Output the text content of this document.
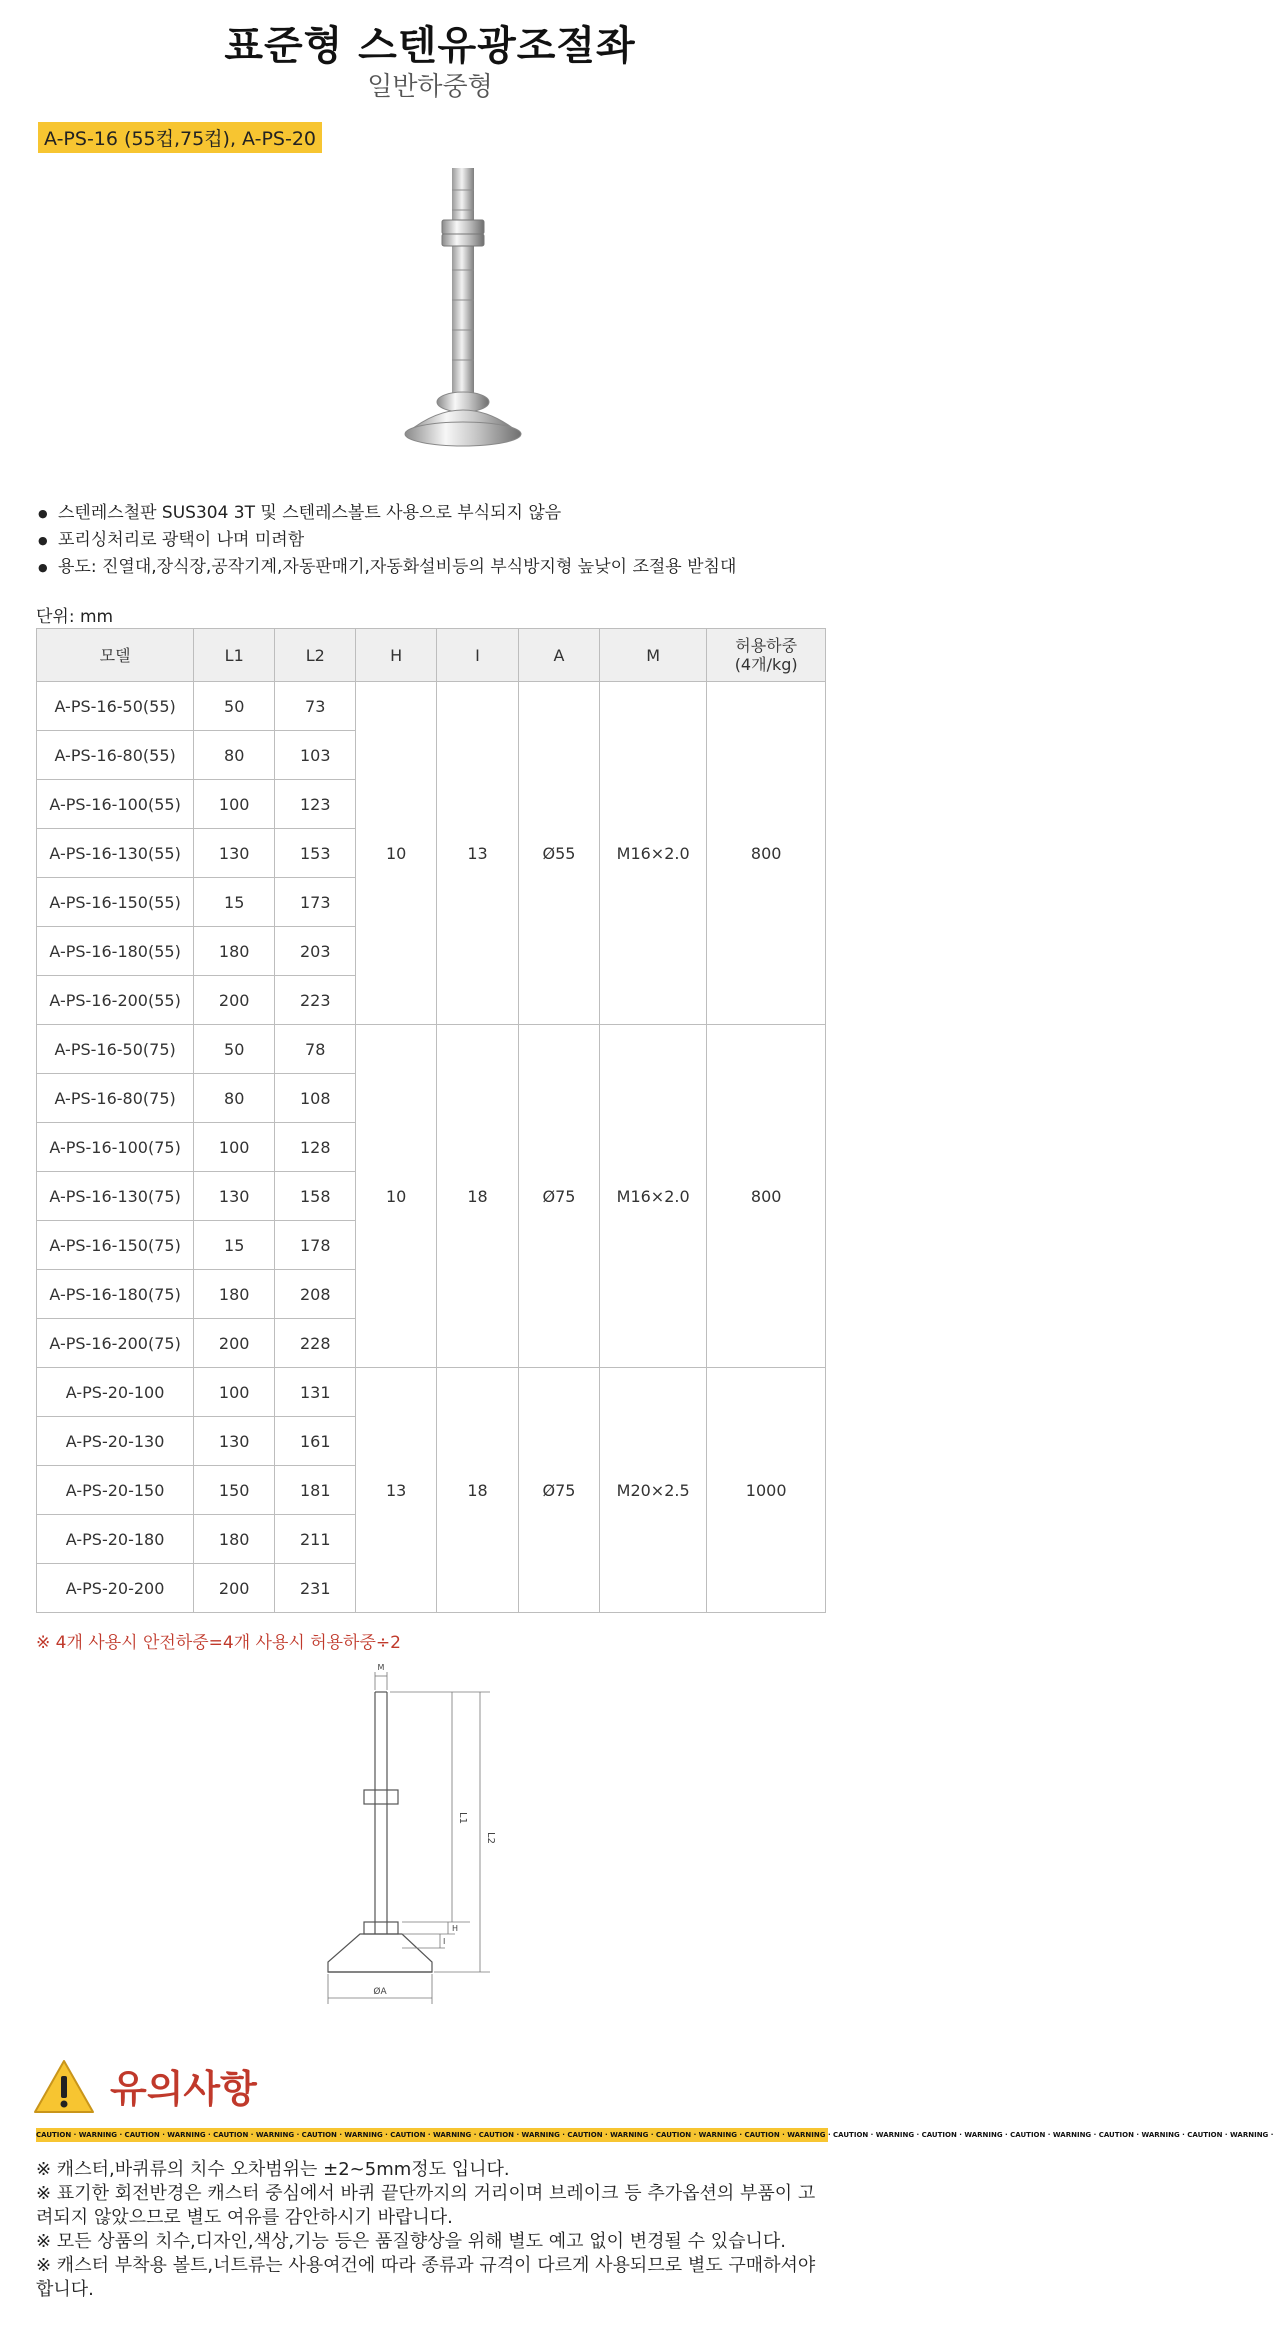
표준형 스텐유광조절좌
일반하중형
A-PS-16 (55컵,75컵), A-PS-20
● 스텐레스철판 SUS304 3T 및 스텐레스볼트 사용으로 부식되지 않음
● 포리싱처리로 광택이 나며 미려함
● 용도: 진열대,장식장,공작기계,자동판매기,자동화설비등의 부식방지형 높낮이 조절용 받침대
단위: mm
모델	L1	L2	H	I	A	M	허용하중
(4개/kg)
A-PS-16-50(55)	50	73	10	13	Ø55	M16×2.0	800
A-PS-16-80(55)	80	103					
A-PS-16-100(55)	100	123					
A-PS-16-130(55)	130	153					
A-PS-16-150(55)	15	173					
A-PS-16-180(55)	180	203					
A-PS-16-200(55)	200	223					
A-PS-16-50(75)	50	78	10	18	Ø75	M16×2.0	800
A-PS-16-80(75)	80	108					
A-PS-16-100(75)	100	128					
A-PS-16-130(75)	130	158					
A-PS-16-150(75)	15	178					
A-PS-16-180(75)	180	208					
A-PS-16-200(75)	200	228					
A-PS-20-100	100	131	13	18	Ø75	M20×2.5	1000
A-PS-20-130	130	161					
A-PS-20-150	150	181					
A-PS-20-180	180	211					
A-PS-20-200	200	231					
※ 4개 사용시 안전하중=4개 사용시 허용하중÷2
M
L1
L2
H
I
ØA
유의사항
CAUTION · WARNING · CAUTION · WARNING · CAUTION · WARNING · CAUTION · WARNING · CAUTION · WARNING · CAUTION · WARNING · CAUTION · WARNING · CAUTION · WARNING · CAUTION · WARNING · CAUTION · WARNING · CAUTION · WARNING · CAUTION · WARNING · CAUTION · WARNING · CAUTION · WARNING ·
※ 캐스터,바퀴류의 치수 오차범위는 ±2~5mm정도 입니다.
※ 표기한 회전반경은 캐스터 중심에서 바퀴 끝단까지의 거리이며 브레이크 등 추가옵션의 부품이 고려되지 않았으므로 별도 여유를 감안하시기 바랍니다.
※ 모든 상품의 치수,디자인,색상,기능 등은 품질향상을 위해 별도 예고 없이 변경될 수 있습니다.
※ 캐스터 부착용 볼트,너트류는 사용여건에 따라 종류과 규격이 다르게 사용되므로 별도 구매하셔야 합니다.
